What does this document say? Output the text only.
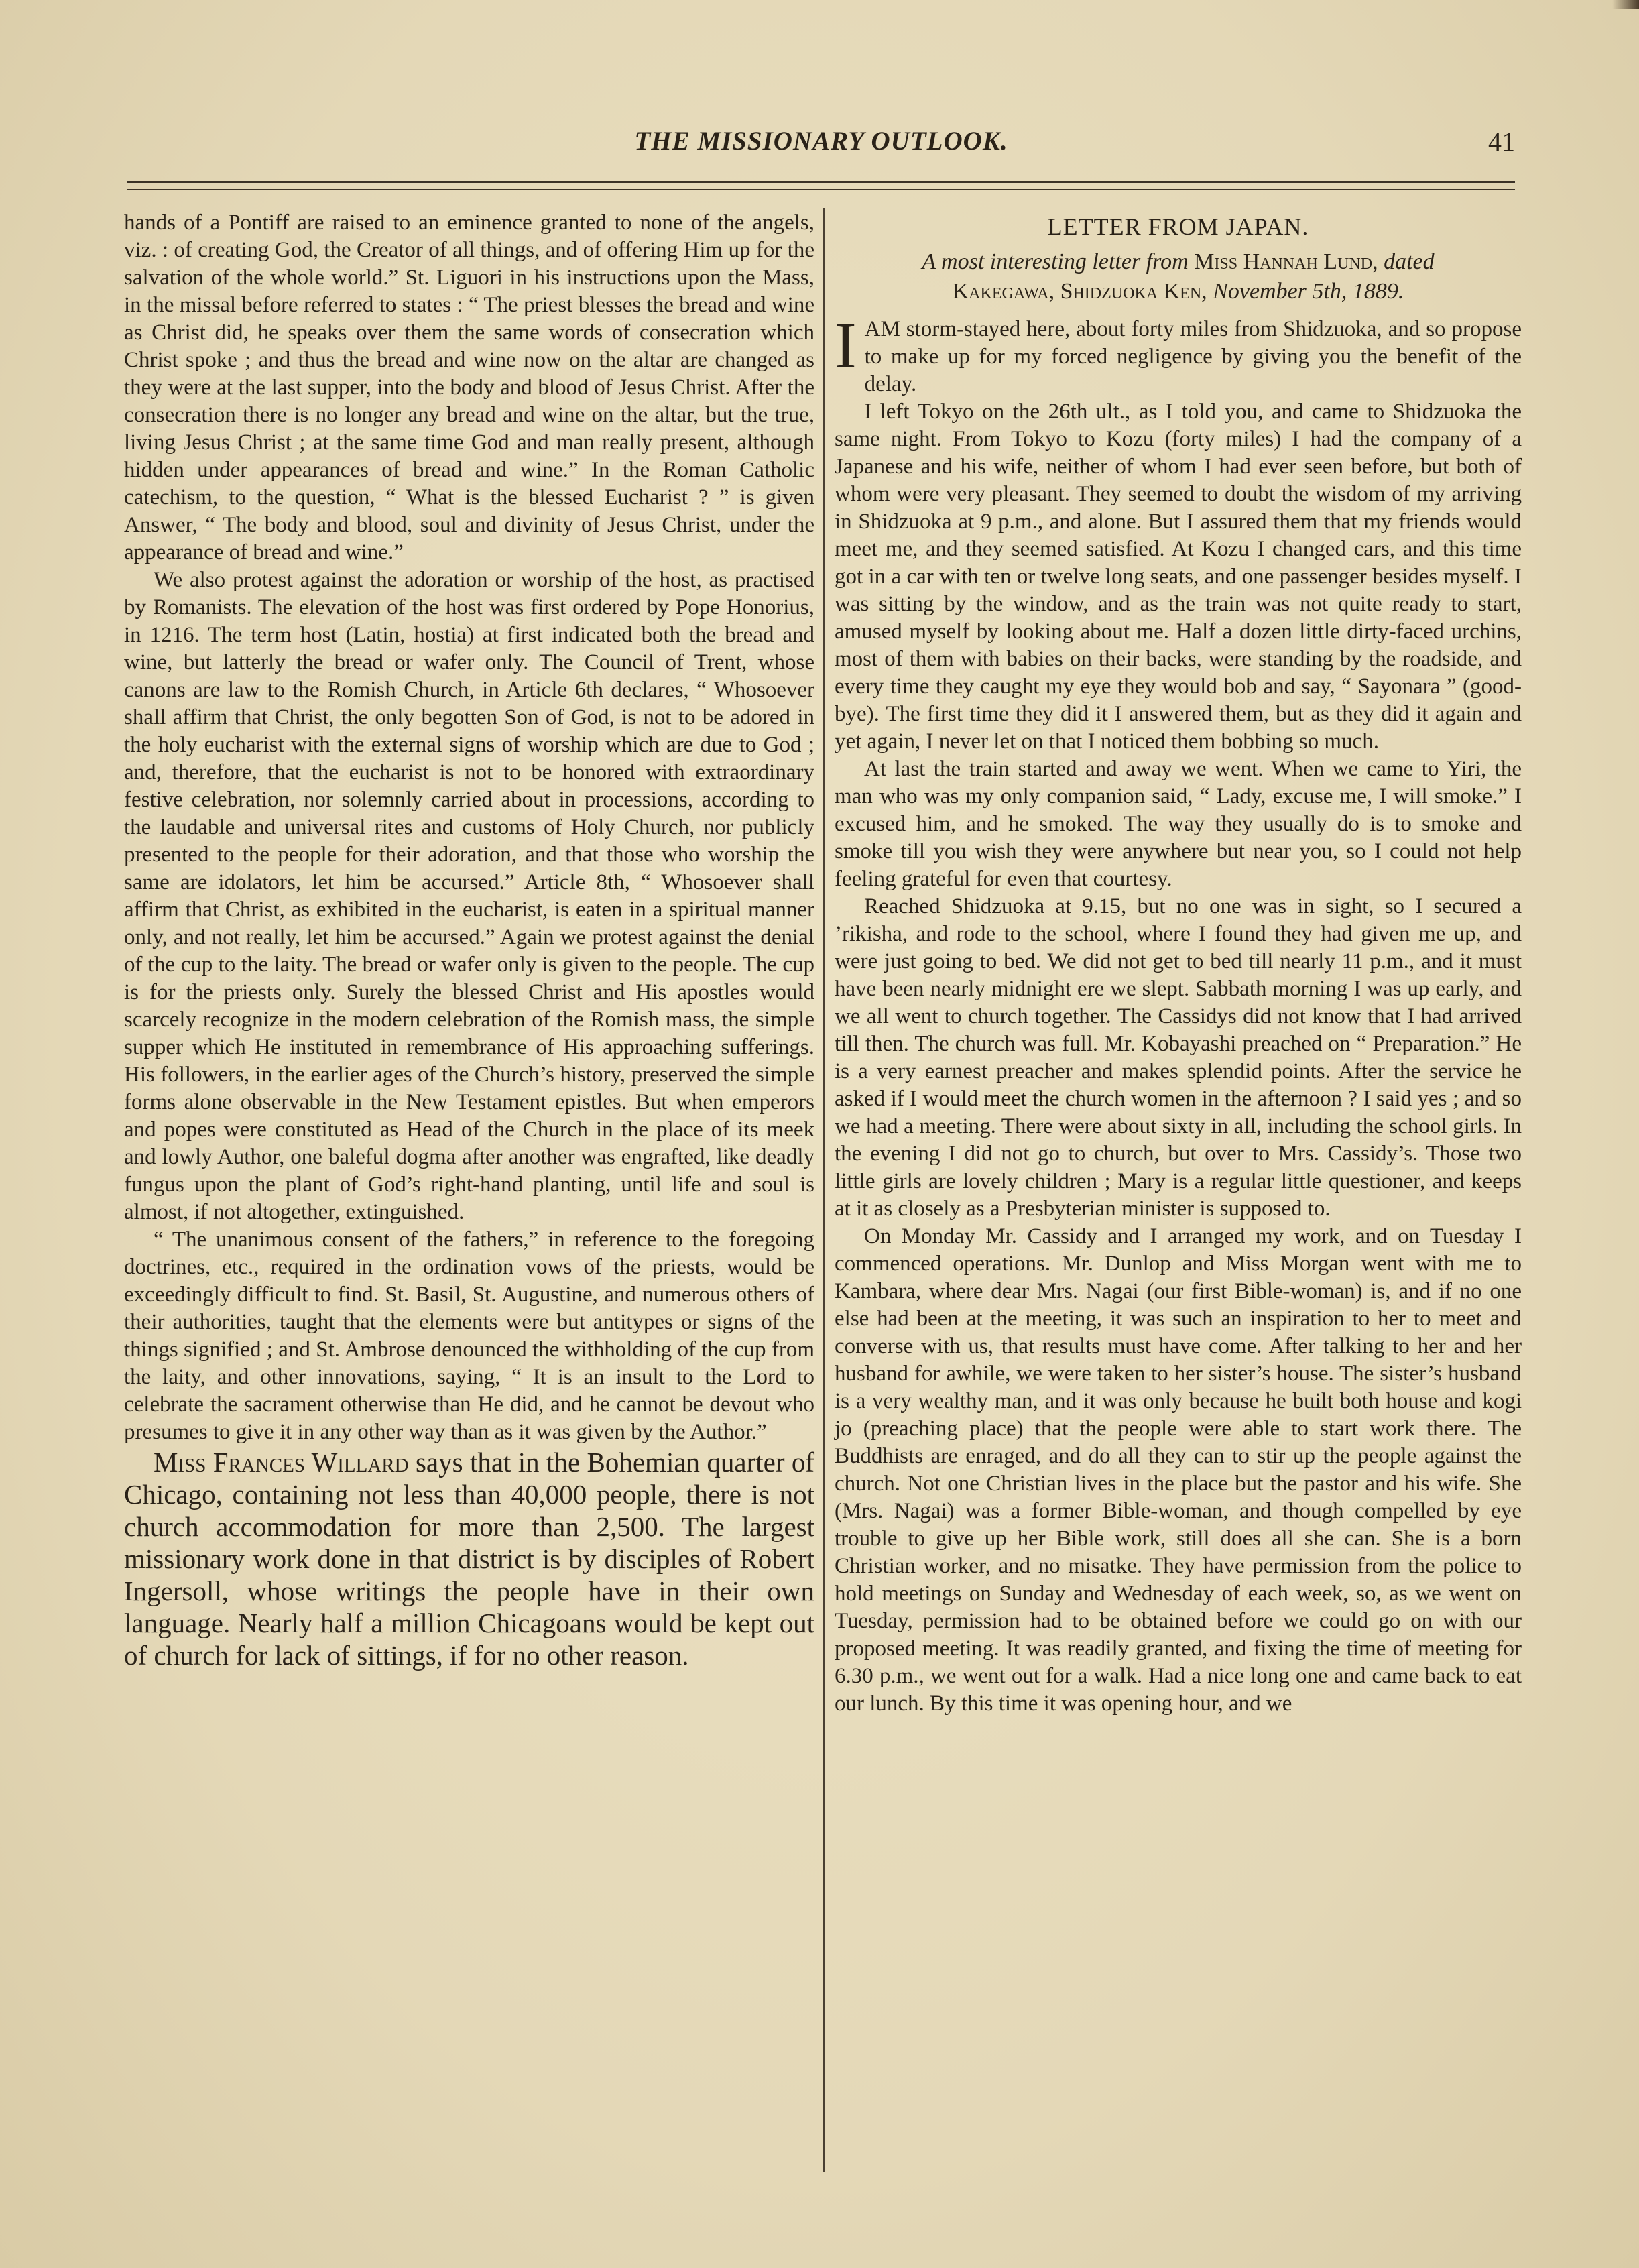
THE MISSIONARY OUTLOOK.	41

hands of a Pontiff are raised to an eminence granted to none of the angels, viz. : of creating God, the Creator of all things, and of offering Him up for the salvation of the whole world.” St. Liguori in his instructions upon the Mass, in the missal before referred to states : “ The priest blesses the bread and wine as Christ did, he speaks over them the same words of consecration which Christ spoke ; and thus the bread and wine now on the altar are changed as they were at the last supper, into the body and blood of Jesus Christ. After the consecration there is no longer any bread and wine on the altar, but the true, living Jesus Christ ; at the same time God and man really present, although hidden under appearances of bread and wine.” In the Roman Catholic catechism, to the question, “ What is the blessed Eucharist ? ” is given Answer, “ The body and blood, soul and divinity of Jesus Christ, under the appearance of bread and wine.”

We also protest against the adoration or worship of the host, as practised by Romanists. The elevation of the host was first ordered by Pope Honorius, in 1216. The term host (Latin, hostia) at first indicated both the bread and wine, but latterly the bread or wafer only. The Council of Trent, whose canons are law to the Romish Church, in Article 6th declares, “ Whosoever shall affirm that Christ, the only begotten Son of God, is not to be adored in the holy eucharist with the external signs of worship which are due to God ; and, therefore, that the eucharist is not to be honored with extraordinary festive celebration, nor solemnly carried about in processions, according to the laudable and universal rites and customs of Holy Church, nor publicly presented to the people for their adoration, and that those who worship the same are idolators, let him be accursed.” Article 8th, “ Whosoever shall affirm that Christ, as exhibited in the eucharist, is eaten in a spiritual manner only, and not really, let him be accursed.” Again we protest against the denial of the cup to the laity. The bread or wafer only is given to the people. The cup is for the priests only. Surely the blessed Christ and His apostles would scarcely recognize in the modern celebration of the Romish mass, the simple supper which He instituted in remembrance of His approaching sufferings. His followers, in the earlier ages of the Church’s history, preserved the simple forms alone observable in the New Testament epistles. But when emperors and popes were constituted as Head of the Church in the place of its meek and lowly Author, one baleful dogma after another was engrafted, like deadly fungus upon the plant of God’s right-hand planting, until life and soul is almost, if not altogether, extinguished.

“ The unanimous consent of the fathers,” in reference to the foregoing doctrines, etc., required in the ordination vows of the priests, would be exceedingly difficult to find. St. Basil, St. Augustine, and numerous others of their authorities, taught that the elements were but antitypes or signs of the things signified ; and St. Ambrose denounced the withholding of the cup from the laity, and other innovations, saying, “ It is an insult to the Lord to celebrate the sacrament otherwise than He did, and he cannot be devout who presumes to give it in any other way than as it was given by the Author.”

Miss Frances Willard says that in the Bohemian quarter of Chicago, containing not less than 40,000 people, there is not church accommodation for more than 2,500. The largest missionary work done in that district is by disciples of Robert Ingersoll, whose writings the people have in their own language. Nearly half a million Chicagoans would be kept out of church for lack of sittings, if for no other reason.

LETTER FROM JAPAN.
A most interesting letter from Miss Hannah Lund, dated
Kakegawa, Shidzuoka Ken, November 5th, 1889.

IAM storm-stayed here, about forty miles from Shidzuoka, and so propose to make up for my forced negligence by giving you the benefit of the delay.

I left Tokyo on the 26th ult., as I told you, and came to Shidzuoka the same night. From Tokyo to Kozu (forty miles) I had the company of a Japanese and his wife, neither of whom I had ever seen before, but both of whom were very pleasant. They seemed to doubt the wisdom of my arriving in Shidzuoka at 9 p.m., and alone. But I assured them that my friends would meet me, and they seemed satisfied. At Kozu I changed cars, and this time got in a car with ten or twelve long seats, and one passenger besides myself. I was sitting by the window, and as the train was not quite ready to start, amused myself by looking about me. Half a dozen little dirty-faced urchins, most of them with babies on their backs, were standing by the roadside, and every time they caught my eye they would bob and say, “ Sayonara ” (good-bye). The first time they did it I answered them, but as they did it again and yet again, I never let on that I noticed them bobbing so much.

At last the train started and away we went. When we came to Yiri, the man who was my only companion said, “ Lady, excuse me, I will smoke.” I excused him, and he smoked. The way they usually do is to smoke and smoke till you wish they were anywhere but near you, so I could not help feeling grateful for even that courtesy.

Reached Shidzuoka at 9.15, but no one was in sight, so I secured a ’rikisha, and rode to the school, where I found they had given me up, and were just going to bed. We did not get to bed till nearly 11 p.m., and it must have been nearly midnight ere we slept. Sabbath morning I was up early, and we all went to church together. The Cassidys did not know that I had arrived till then. The church was full. Mr. Kobayashi preached on “ Preparation.” He is a very earnest preacher and makes splendid points. After the service he asked if I would meet the church women in the afternoon ? I said yes ; and so we had a meeting. There were about sixty in all, including the school girls. In the evening I did not go to church, but over to Mrs. Cassidy’s. Those two little girls are lovely children ; Mary is a regular little questioner, and keeps at it as closely as a Presbyterian minister is supposed to.

On Monday Mr. Cassidy and I arranged my work, and on Tuesday I commenced operations. Mr. Dunlop and Miss Morgan went with me to Kambara, where dear Mrs. Nagai (our first Bible-woman) is, and if no one else had been at the meeting, it was such an inspiration to her to meet and converse with us, that results must have come. After talking to her and her husband for awhile, we were taken to her sister’s house. The sister’s husband is a very wealthy man, and it was only because he built both house and kogi jo (preaching place) that the people were able to start work there. The Buddhists are enraged, and do all they can to stir up the people against the church. Not one Christian lives in the place but the pastor and his wife. She (Mrs. Nagai) was a former Bible-woman, and though compelled by eye trouble to give up her Bible work, still does all she can. She is a born Christian worker, and no misatke. They have permission from the police to hold meetings on Sunday and Wednesday of each week, so, as we went on Tuesday, permission had to be obtained before we could go on with our proposed meeting. It was readily granted, and fixing the time of meeting for 6.30 p.m., we went out for a walk. Had a nice long one and came back to eat our lunch. By this time it was opening hour, and we
